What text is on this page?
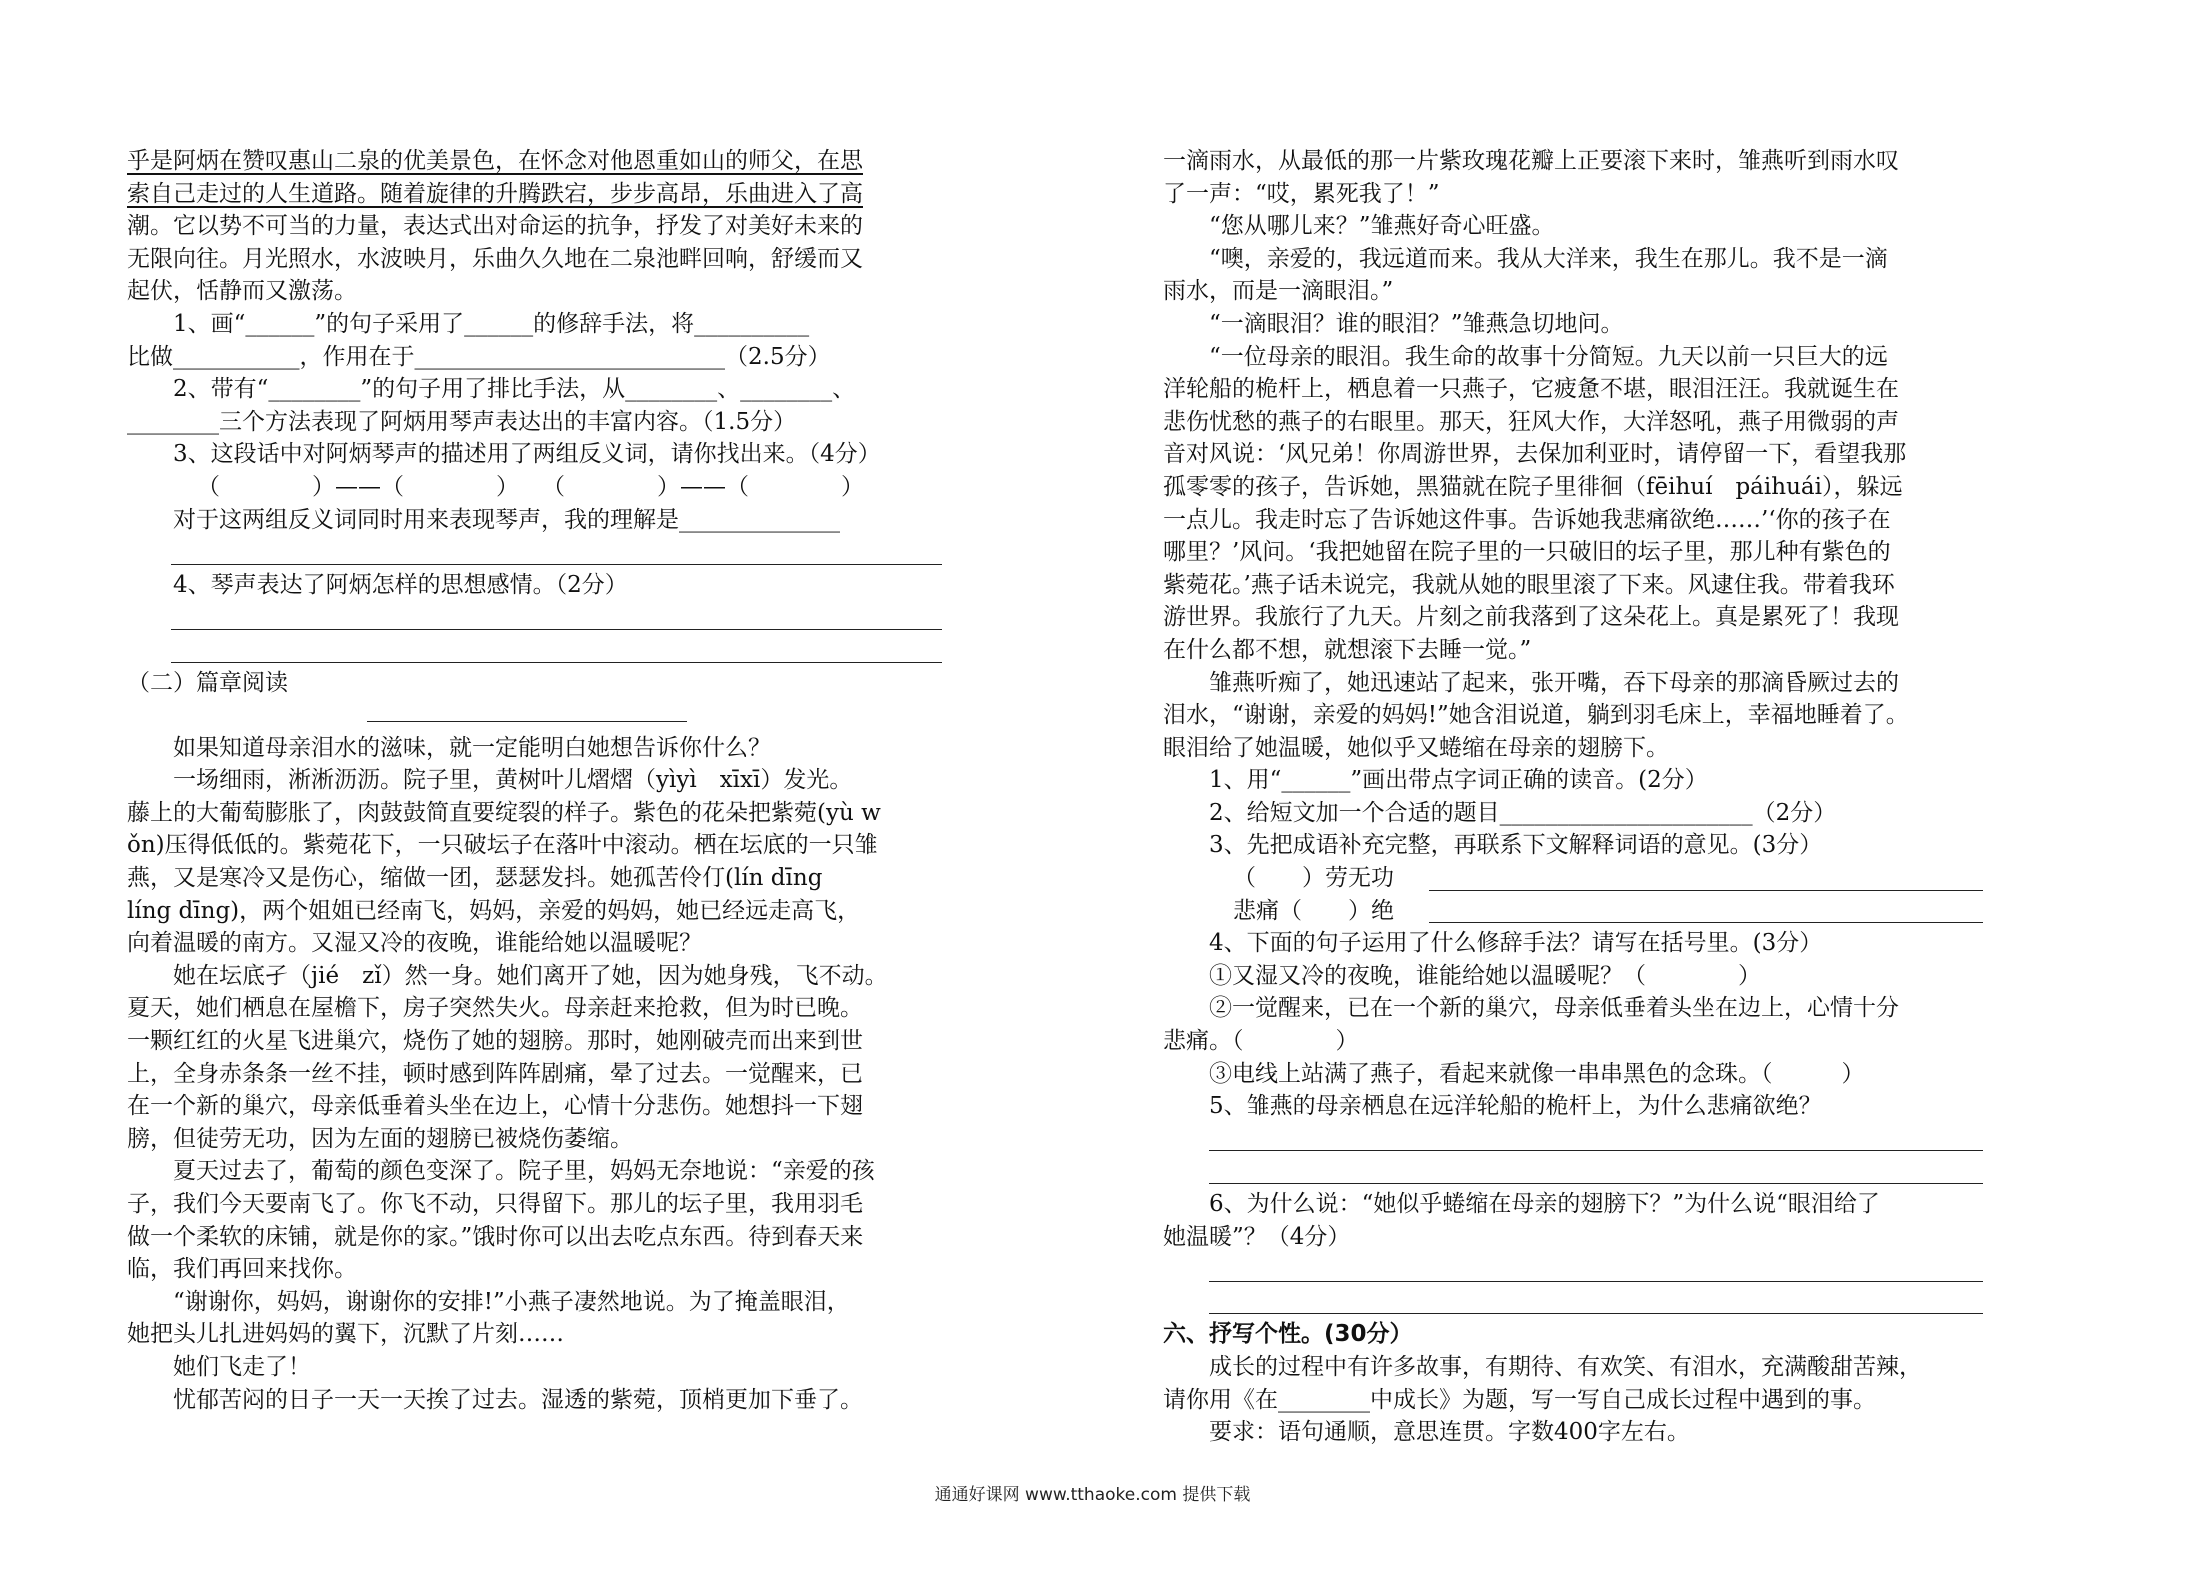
乎是阿炳在赞叹惠山二泉的优美景色，在怀念对他恩重如山的师父，在思
索自己走过的人生道路。随着旋律的升腾跌宕，步步高昂，乐曲进入了高
潮。它以势不可当的力量，表达式出对命运的抗争，抒发了对美好未来的
无限向往。月光照水，水波映月，乐曲久久地在二泉池畔回响，舒缓而又
起伏，恬静而又激荡。
1、画“______”的句子采用了______的修辞手法，将__________
比做___________，作用在于___________________________（2.5分）
2、带有“________”的句子用了排比手法，从________、________、
________三个方法表现了阿炳用琴声表达出的丰富内容。（1.5分）
3、这段话中对阿炳琴声的描述用了两组反义词，请你找出来。（4分）
（　　　　）——（　　　　）　　（　　　　）——（　　　　）
对于这两组反义词同时用来表现琴声，我的理解是______________
4、琴声表达了阿炳怎样的思想感情。（2分）
（二）篇章阅读
如果知道母亲泪水的滋味，就一定能明白她想告诉你什么？
一场细雨，淅淅沥沥。院子里，黄树叶儿熠熠（yìyì　xīxī）发光。
藤上的大葡萄膨胀了，肉鼓鼓简直要绽裂的样子。紫色的花朵把紫菀(yù w
ǒn)压得低低的。紫菀花下，一只破坛子在落叶中滚动。栖在坛底的一只雏
燕，又是寒冷又是伤心，缩做一团，瑟瑟发抖。她孤苦伶仃(lín dīng
líng dīng)，两个姐姐已经南飞，妈妈，亲爱的妈妈，她已经远走高飞，
向着温暖的南方。又湿又冷的夜晚，谁能给她以温暖呢？
她在坛底孑（jié　zǐ）然一身。她们离开了她，因为她身残，飞不动。
夏天，她们栖息在屋檐下，房子突然失火。母亲赶来抢救，但为时已晚。
一颗红红的火星飞进巢穴，烧伤了她的翅膀。那时，她刚破壳而出来到世
上，全身赤条条一丝不挂，顿时感到阵阵剧痛，晕了过去。一觉醒来，已
在一个新的巢穴，母亲低垂着头坐在边上，心情十分悲伤。她想抖一下翅
膀，但徒劳无功，因为左面的翅膀已被烧伤萎缩。
夏天过去了，葡萄的颜色变深了。院子里，妈妈无奈地说：“亲爱的孩
子，我们今天要南飞了。你飞不动，只得留下。那儿的坛子里，我用羽毛
做一个柔软的床铺，就是你的家。”饿时你可以出去吃点东西。待到春天来
临，我们再回来找你。
“谢谢你，妈妈，谢谢你的安排!”小燕子凄然地说。为了掩盖眼泪，
她把头儿扎进妈妈的翼下，沉默了片刻……
她们飞走了！
忧郁苦闷的日子一天一天挨了过去。湿透的紫菀，顶梢更加下垂了。
一滴雨水，从最低的那一片紫玫瑰花瓣上正要滚下来时，雏燕听到雨水叹
了一声：“哎，累死我了！”
“您从哪儿来？”雏燕好奇心旺盛。
“噢，亲爱的，我远道而来。我从大洋来，我生在那儿。我不是一滴
雨水，而是一滴眼泪。”
“一滴眼泪？谁的眼泪？”雏燕急切地问。
“一位母亲的眼泪。我生命的故事十分简短。九天以前一只巨大的远
洋轮船的桅杆上，栖息着一只燕子，它疲惫不堪，眼泪汪汪。我就诞生在
悲伤忧愁的燕子的右眼里。那天，狂风大作，大洋怒吼，燕子用微弱的声
音对风说：‘风兄弟！你周游世界，去保加利亚时，请停留一下，看望我那
孤零零的孩子，告诉她，黑猫就在院子里徘徊（fēihuí　páihuái），躲远
一点儿。我走时忘了告诉她这件事。告诉她我悲痛欲绝……’‘你的孩子在
哪里？’风问。‘我把她留在院子里的一只破旧的坛子里，那儿种有紫色的
紫菀花。’燕子话未说完，我就从她的眼里滚了下来。风逮住我。带着我环
游世界。我旅行了九天。片刻之前我落到了这朵花上。真是累死了！我现
在什么都不想，就想滚下去睡一觉。”
雏燕听痴了，她迅速站了起来，张开嘴，吞下母亲的那滴昏厥过去的
泪水，“谢谢，亲爱的妈妈!”她含泪说道，躺到羽毛床上，幸福地睡着了。
眼泪给了她温暖，她似乎又蜷缩在母亲的翅膀下。
1、用“______”画出带点字词正确的读音。(2分）
2、给短文加一个合适的题目______________________（2分）
3、先把成语补充完整，再联系下文解释词语的意见。(3分）
（　　）劳无功
悲痛（　　）绝
4、下面的句子运用了什么修辞手法？请写在括号里。(3分）
①又湿又冷的夜晚，谁能给她以温暖呢？（　　　　）
②一觉醒来，已在一个新的巢穴，母亲低垂着头坐在边上，心情十分
悲痛。（　　　　）
③电线上站满了燕子，看起来就像一串串黑色的念珠。（　　　）
5、雏燕的母亲栖息在远洋轮船的桅杆上，为什么悲痛欲绝？
6、为什么说：“她似乎蜷缩在母亲的翅膀下？”为什么说“眼泪给了
她温暖”？（4分）
六、抒写个性。(30分）
成长的过程中有许多故事，有期待、有欢笑、有泪水，充满酸甜苦辣，
请你用《在________中成长》为题，写一写自己成长过程中遇到的事。
要求：语句通顺，意思连贯。字数400字左右。
通通好课网 www.tthaoke.com 提供下载
